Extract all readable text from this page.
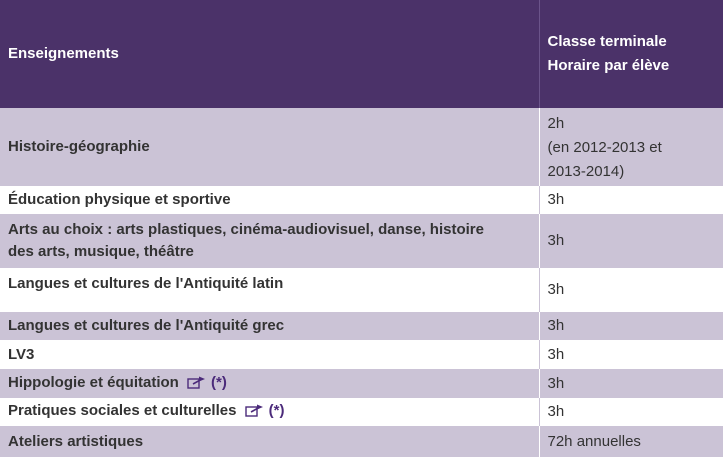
Enseignements	Classe terminale
Horaire par élève
Histoire-géographie	2h
(en 2012-2013 et
2013-2014)
Éducation physique et sportive	3h
Arts au choix : arts plastiques, cinéma-audiovisuel, danse, histoire
des arts, musique, théâtre	3h
Langues et cultures de l'Antiquité latin	3h
Langues et cultures de l'Antiquité grec	3h
LV3	3h
Hippologie et équitation (*)	3h
Pratiques sociales et culturelles (*)	3h
Ateliers artistiques	72h annuelles
